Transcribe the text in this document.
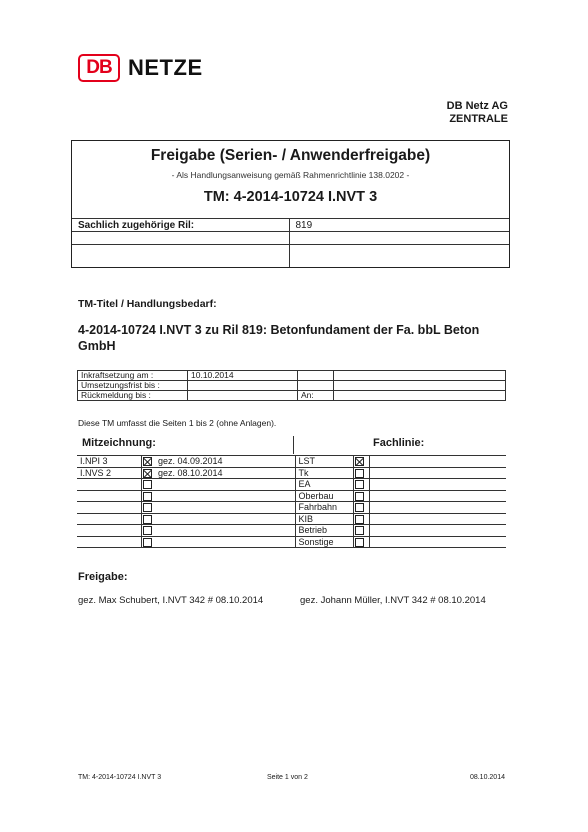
DB NETZE
DB Netz AG
ZENTRALE
Freigabe (Serien- / Anwenderfreigabe)
- Als Handlungsanweisung gemäß Rahmenrichtlinie 138.0202 -
TM: 4-2014-10724 I.NVT 3
Sachlich zugehörige Ril:	819

TM-Titel / Handlungsbedarf:
4-2014-10724 I.NVT 3 zu Ril 819: Betonfundament der Fa. bbL Beton GmbH
Inkraftsetzung am :	10.10.2014		
Umsetzungsfrist bis :			
Rückmeldung bis :		An:	
Diese TM umfasst die Seiten 1 bis 2 (ohne Anlagen).
Mitzeichnung:	Fachlinie:
I.NPI 3		gez. 04.09.2014	LST		
I.NVS 2		gez. 08.10.2014	Tk		
			EA		
			Oberbau		
			Fahrbahn		
			KIB		
			Betrieb		
			Sonstige		
Freigabe:
gez. Max Schubert, I.NVT 342 # 08.10.2014	gez. Johann Müller, I.NVT 342 # 08.10.2014
TM: 4-2014-10724 I.NVT 3	Seite 1 von 2	08.10.2014
